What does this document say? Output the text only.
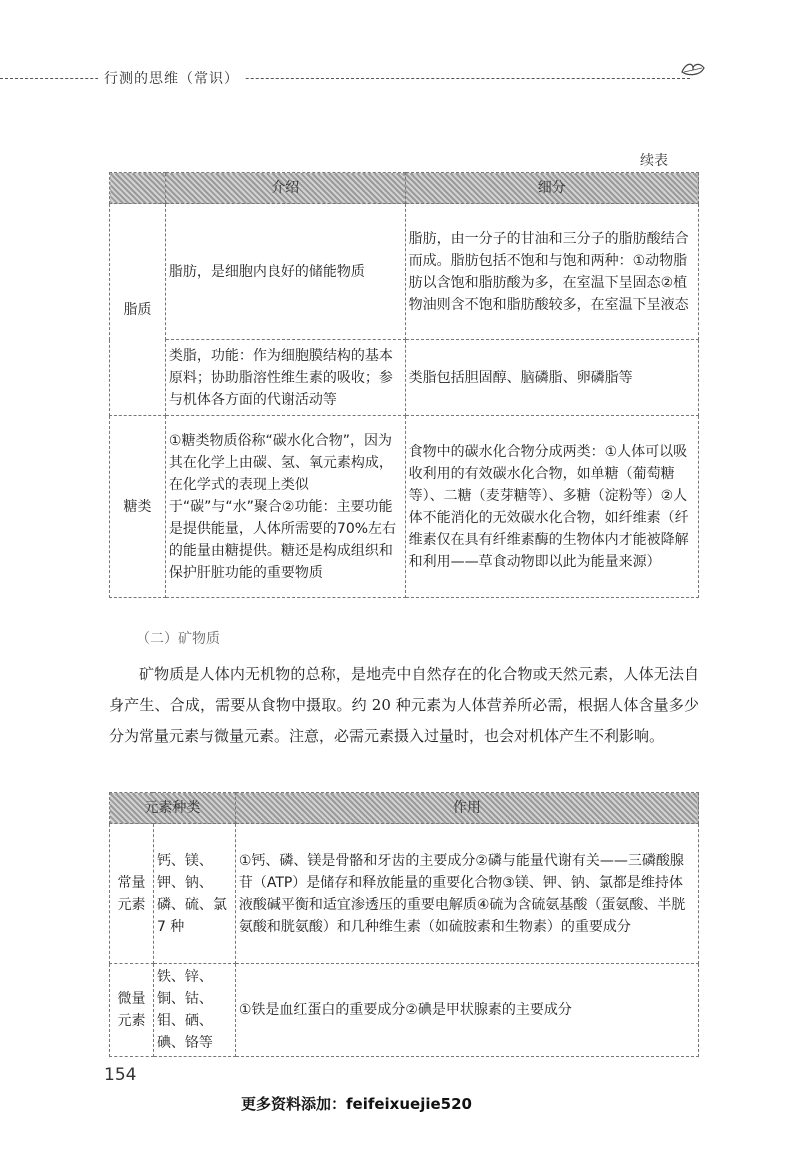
行测的思维（常识）
续表
	介绍	细分
脂质	脂肪，是细胞内良好的储能物质	脂肪，由一分子的甘油和三分子的脂肪酸结合而成。脂肪包括不饱和与饱和两种：①动物脂肪以含饱和脂肪酸为多，在室温下呈固态②植物油则含不饱和脂肪酸较多，在室温下呈液态
	类脂，功能：作为细胞膜结构的基本原料；协助脂溶性维生素的吸收；参与机体各方面的代谢活动等	类脂包括胆固醇、脑磷脂、卵磷脂等
糖类	①糖类物质俗称“碳水化合物”，因为其在化学上由碳、氢、氧元素构成，在化学式的表现上类似于“碳”与“水”聚合②功能：主要功能是提供能量，人体所需要的70%左右的能量由糖提供。糖还是构成组织和保护肝脏功能的重要物质	食物中的碳水化合物分成两类：①人体可以吸收利用的有效碳水化合物，如单糖（葡萄糖等）、二糖（麦芽糖等）、多糖（淀粉等）②人体不能消化的无效碳水化合物，如纤维素（纤维素仅在具有纤维素酶的生物体内才能被降解和利用——草食动物即以此为能量来源）
（二）矿物质
矿物质是人体内无机物的总称，是地壳中自然存在的化合物或天然元素，人体无法自身产生、合成，需要从食物中摄取。约 20 种元素为人体营养所必需，根据人体含量多少分为常量元素与微量元素。注意，必需元素摄入过量时，也会对机体产生不利影响。
元素种类		作用
常量元素	钙、镁、钾、钠、磷、硫、氯 7 种	①钙、磷、镁是骨骼和牙齿的主要成分②磷与能量代谢有关——三磷酸腺苷（ATP）是储存和释放能量的重要化合物③镁、钾、钠、氯都是维持体液酸碱平衡和适宜渗透压的重要电解质④硫为含硫氨基酸（蛋氨酸、半胱氨酸和胱氨酸）和几种维生素（如硫胺素和生物素）的重要成分
微量元素	铁、锌、铜、钴、钼、硒、碘、铬等	①铁是血红蛋白的重要成分②碘是甲状腺素的主要成分
154
更多资料添加：feifeixuejie520
